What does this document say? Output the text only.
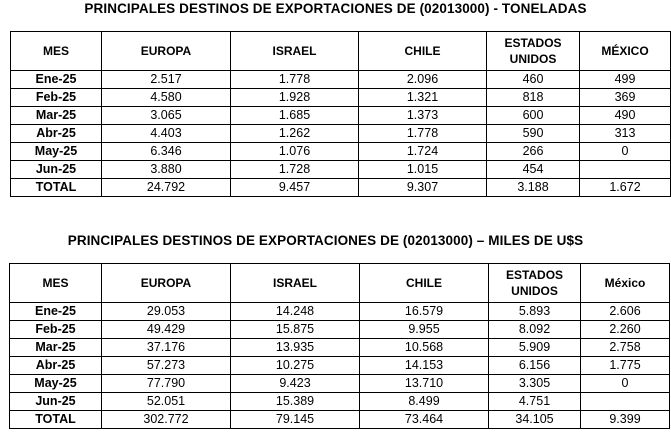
PRINCIPALES DESTINOS DE EXPORTACIONES DE (02013000) - TONELADAS
MES	EUROPA	ISRAEL	CHILE	ESTADOS UNIDOS	MÉXICO
Ene-25	2.517	1.778	2.096	460	499
Feb-25	4.580	1.928	1.321	818	369
Mar-25	3.065	1.685	1.373	600	490
Abr-25	4.403	1.262	1.778	590	313
May-25	6.346	1.076	1.724	266	0
Jun-25	3.880	1.728	1.015	454	
TOTAL	24.792	9.457	9.307	3.188	1.672
PRINCIPALES DESTINOS DE EXPORTACIONES DE (02013000) – MILES DE U$S
MES	EUROPA	ISRAEL	CHILE	ESTADOS UNIDOS	México
Ene-25	29.053	14.248	16.579	5.893	2.606
Feb-25	49.429	15.875	9.955	8.092	2.260
Mar-25	37.176	13.935	10.568	5.909	2.758
Abr-25	57.273	10.275	14.153	6.156	1.775
May-25	77.790	9.423	13.710	3.305	0
Jun-25	52.051	15.389	8.499	4.751	
TOTAL	302.772	79.145	73.464	34.105	9.399
